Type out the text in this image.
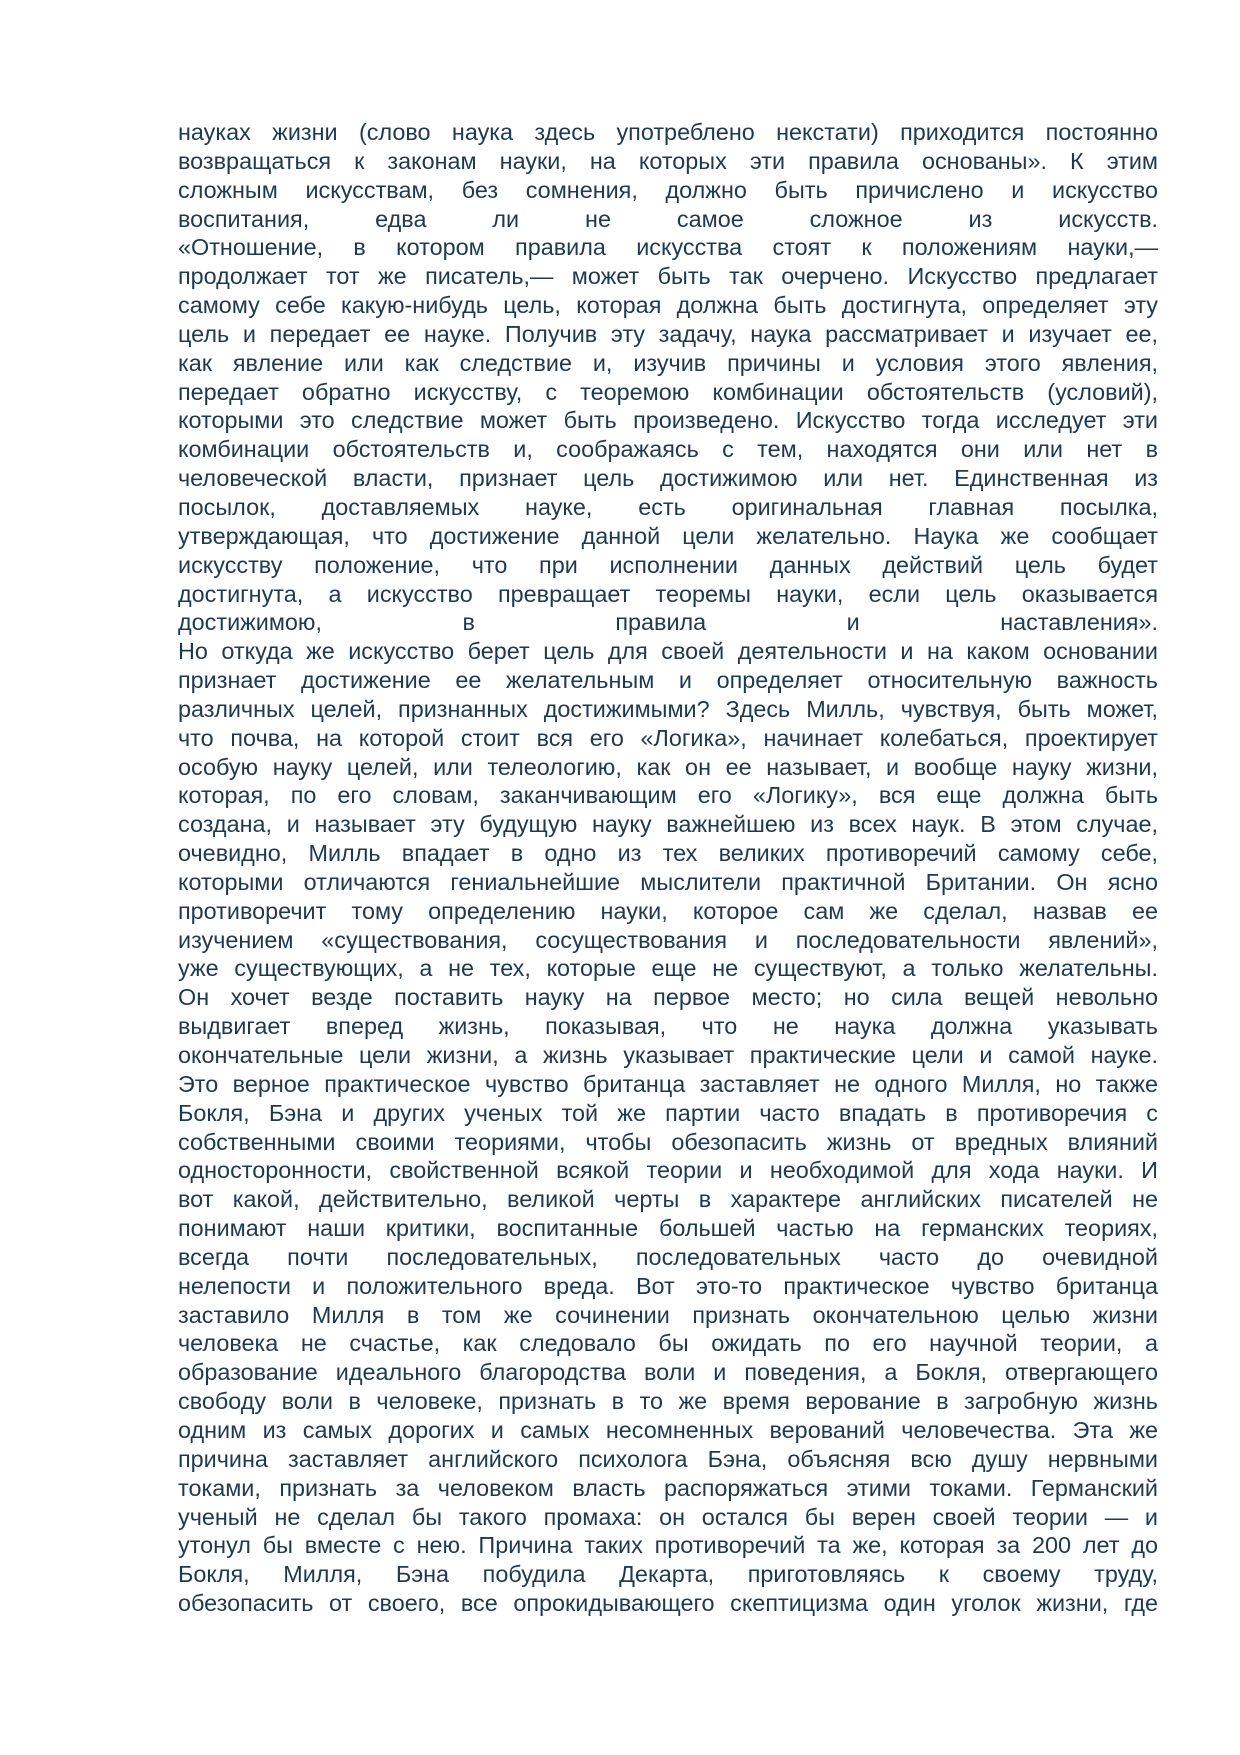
науках жизни (слово наука здесь употреблено некстати) приходится постоянно
возвращаться к законам науки, на которых эти правила основаны». К этим
сложным искусствам, без сомнения, должно быть причислено и искусство
воспитания, едва ли не самое сложное из искусств.
«Отношение, в котором правила искусства стоят к положениям науки,—
продолжает тот же писатель,— может быть так очерчено. Искусство предлагает
самому себе какую-нибудь цель, которая должна быть достигнута, определяет эту
цель и передает ее науке. Получив эту задачу, наука рассматривает и изучает ее,
как явление или как следствие и, изучив причины и условия этого явления,
передает обратно искусству, с теоремою комбинации обстоятельств (условий),
которыми это следствие может быть произведено. Искусство тогда исследует эти
комбинации обстоятельств и, соображаясь с тем, находятся они или нет в
человеческой власти, признает цель достижимою или нет. Единственная из
посылок, доставляемых науке, есть оригинальная главная посылка,
утверждающая, что достижение данной цели желательно. Наука же сообщает
искусству положение, что при исполнении данных действий цель будет
достигнута, а искусство превращает теоремы науки, если цель оказывается
достижимою, в правила и наставления».
Но откуда же искусство берет цель для своей деятельности и на каком основании
признает достижение ее желательным и определяет относительную важность
различных целей, признанных достижимыми? Здесь Милль, чувствуя, быть может,
что почва, на которой стоит вся его «Логика», начинает колебаться, проектирует
особую науку целей, или телеологию, как он ее называет, и вообще науку жизни,
которая, по его словам, заканчивающим его «Логику», вся еще должна быть
создана, и называет эту будущую науку важнейшею из всех наук. В этом случае,
очевидно, Милль впадает в одно из тех великих противоречий самому себе,
которыми отличаются гениальнейшие мыслители практичной Британии. Он ясно
противоречит тому определению науки, которое сам же сделал, назвав ее
изучением «существования, сосуществования и последовательности явлений»,
уже существующих, а не тех, которые еще не существуют, а только желательны.
Он хочет везде поставить науку на первое место; но сила вещей невольно
выдвигает вперед жизнь, показывая, что не наука должна указывать
окончательные цели жизни, а жизнь указывает практические цели и самой науке.
Это верное практическое чувство британца заставляет не одного Милля, но также
Бокля, Бэна и других ученых той же партии часто впадать в противоречия с
собственными своими теориями, чтобы обезопасить жизнь от вредных влияний
односторонности, свойственной всякой теории и необходимой для хода науки. И
вот какой, действительно, великой черты в характере английских писателей не
понимают наши критики, воспитанные большей частью на германских теориях,
всегда почти последовательных, последовательных часто до очевидной
нелепости и положительного вреда. Вот это-то практическое чувство британца
заставило Милля в том же сочинении признать окончательною целью жизни
человека не счастье, как следовало бы ожидать по его научной теории, а
образование идеального благородства воли и поведения, а Бокля, отвергающего
свободу воли в человеке, признать в то же время верование в загробную жизнь
одним из самых дорогих и самых несомненных верований человечества. Эта же
причина заставляет английского психолога Бэна, объясняя всю душу нервными
токами, признать за человеком власть распоряжаться этими токами. Германский
ученый не сделал бы такого промаха: он остался бы верен своей теории — и
утонул бы вместе с нею. Причина таких противоречий та же, которая за 200 лет до
Бокля, Милля, Бэна побудила Декарта, приготовляясь к своему труду,
обезопасить от своего, все опрокидывающего скептицизма один уголок жизни, где
